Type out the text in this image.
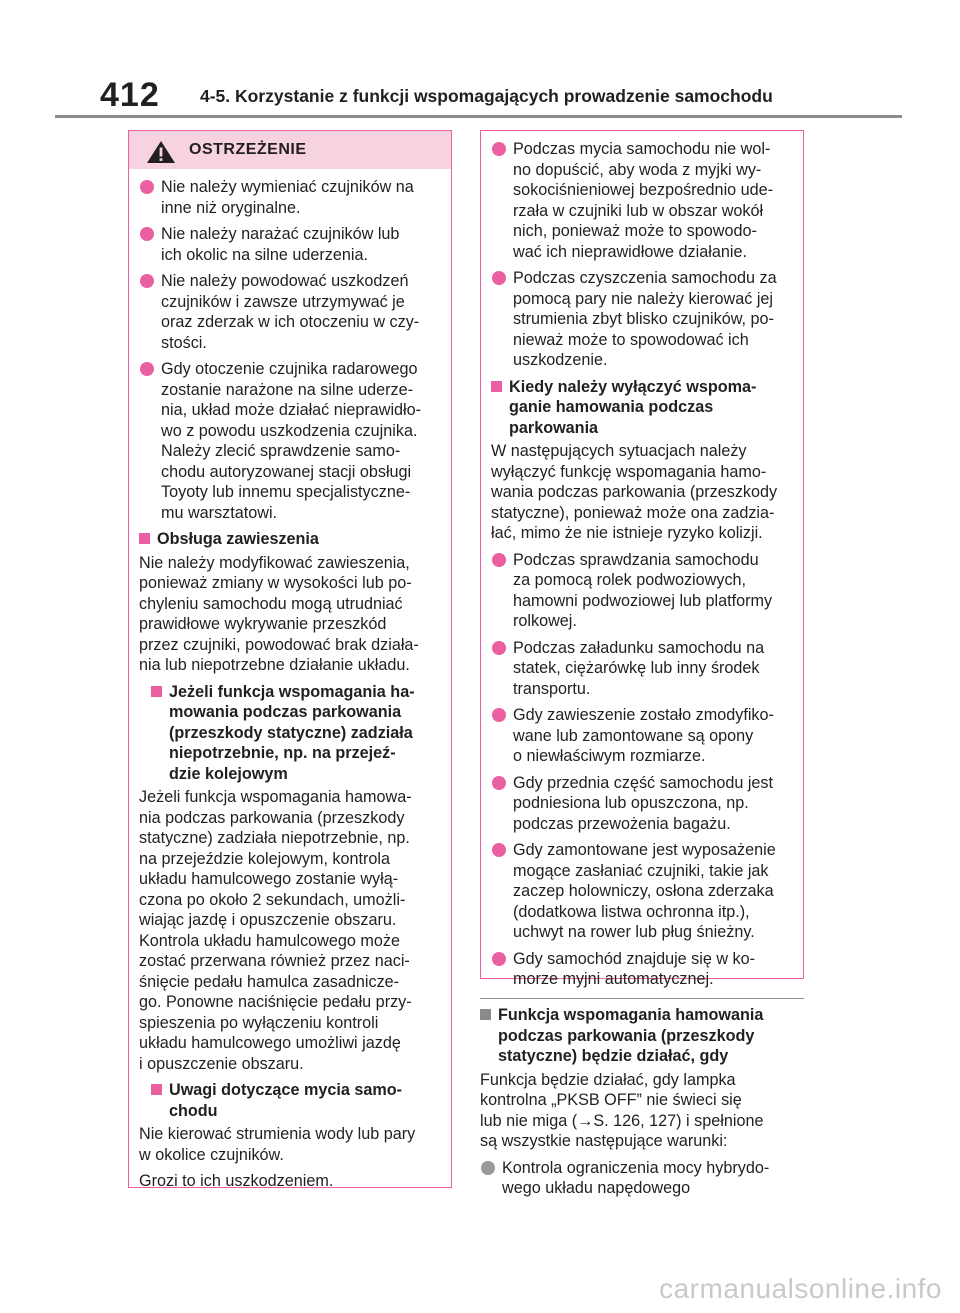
412 4-5. Korzystanie z funkcji wspomagających prowadzenie samochodu
OSTRZEŻENIE
Nie należy wymieniać czujników na
inne niż oryginalne.
Nie należy narażać czujników lub
ich okolic na silne uderzenia.
Nie należy powodować uszkodzeń
czujników i zawsze utrzymywać je
oraz zderzak w ich otoczeniu w czy-
stości.
Gdy otoczenie czujnika radarowego
zostanie narażone na silne uderze-
nia, układ może działać nieprawidło-
wo z powodu uszkodzenia czujnika.
Należy zlecić sprawdzenie samo-
chodu autoryzowanej stacji obsługi
Toyoty lub innemu specjalistyczne-
mu warsztatowi.
Obsługa zawieszenia
Nie należy modyfikować zawieszenia,
ponieważ zmiany w wysokości lub po-
chyleniu samochodu mogą utrudniać
prawidłowe wykrywanie przeszkód
przez czujniki, powodować brak działa-
nia lub niepotrzebne działanie układu.
Jeżeli funkcja wspomagania ha-
mowania podczas parkowania
(przeszkody statyczne) zadziała
niepotrzebnie, np. na przejeź-
dzie kolejowym
Jeżeli funkcja wspomagania hamowa-
nia podczas parkowania (przeszkody
statyczne) zadziała niepotrzebnie, np.
na przejeździe kolejowym, kontrola
układu hamulcowego zostanie wyłą-
czona po około 2 sekundach, umożli-
wiając jazdę i opuszczenie obszaru.
Kontrola układu hamulcowego może
zostać przerwana również przez naci-
śnięcie pedału hamulca zasadnicze-
go. Ponowne naciśnięcie pedału przy-
spieszenia po wyłączeniu kontroli
układu hamulcowego umożliwi jazdę
i opuszczenie obszaru.
Uwagi dotyczące mycia samo-
chodu
Nie kierować strumienia wody lub pary
w okolice czujników.
Grozi to ich uszkodzeniem.
Podczas mycia samochodu nie wol-
no dopuścić, aby woda z myjki wy-
sokociśnieniowej bezpośrednio ude-
rzała w czujniki lub w obszar wokół
nich, ponieważ może to spowodo-
wać ich nieprawidłowe działanie.
Podczas czyszczenia samochodu za
pomocą pary nie należy kierować jej
strumienia zbyt blisko czujników, po-
nieważ może to spowodować ich
uszkodzenie.
Kiedy należy wyłączyć wspoma-
ganie hamowania podczas
parkowania
W następujących sytuacjach należy
wyłączyć funkcję wspomagania hamo-
wania podczas parkowania (przeszkody
statyczne), ponieważ może ona zadzia-
łać, mimo że nie istnieje ryzyko kolizji.
Podczas sprawdzania samochodu
za pomocą rolek podwoziowych,
hamowni podwoziowej lub platformy
rolkowej.
Podczas załadunku samochodu na
statek, ciężarówkę lub inny środek
transportu.
Gdy zawieszenie zostało zmodyfiko-
wane lub zamontowane są opony
o niewłaściwym rozmiarze.
Gdy przednia część samochodu jest
podniesiona lub opuszczona, np.
podczas przewożenia bagażu.
Gdy zamontowane jest wyposażenie
mogące zasłaniać czujniki, takie jak
zaczep holowniczy, osłona zderzaka
(dodatkowa listwa ochronna itp.),
uchwyt na rower lub pług śnieżny.
Gdy samochód znajduje się w ko-
morze myjni automatycznej.
Funkcja wspomagania hamowania
podczas parkowania (przeszkody
statyczne) będzie działać, gdy
Funkcja będzie działać, gdy lampka
kontrolna „PKSB OFF” nie świeci się
lub nie miga (→S. 126, 127) i spełnione
są wszystkie następujące warunki:
Kontrola ograniczenia mocy hybrydo-
wego układu napędowego
carmanualsonline.info
